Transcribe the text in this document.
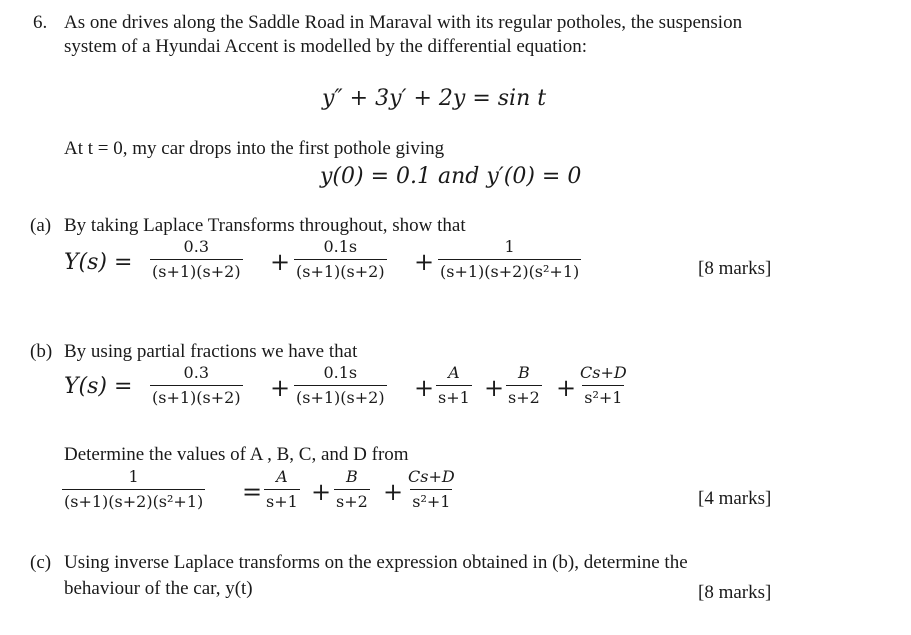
6. As one drives along the Saddle Road in Maraval with its regular potholes, the suspension
system of a Hyundai Accent is modelled by the differential equation:
y″ + 3y′ + 2y = sin t
At t = 0, my car drops into the first pothole giving
y(0) = 0.1 and y′(0) = 0
(a) By taking Laplace Transforms throughout, show that
$Y(s) = \frac{0.3}{(s+1)(s+2)} + \frac{0.1s}{(s+1)(s+2)} + \frac{1}{\text{(s+1)(s+2)(s²+1)}}$	[8 marks]
(b) By using partial fractions we have that
$Y(s) = \frac{0.3}{(s+1)(s+2)} + \frac{0.1s}{(s+1)(s+2)} + \frac{A}{s+1} + \frac{B}{s+2} + \frac{Cs+D}{\text{s²+1}}$
Determine the values of A , B, C, and D from
$\frac{1}{\text{(s+1)(s+2)(s²+1)}} = \frac{A}{s+1} + \frac{B}{s+2} + \frac{Cs+D}{\text{s²+1}}$	[4 marks]
(c) Using inverse Laplace transforms on the expression obtained in (b), determine the
behaviour of the car, y(t)	[8 marks]
